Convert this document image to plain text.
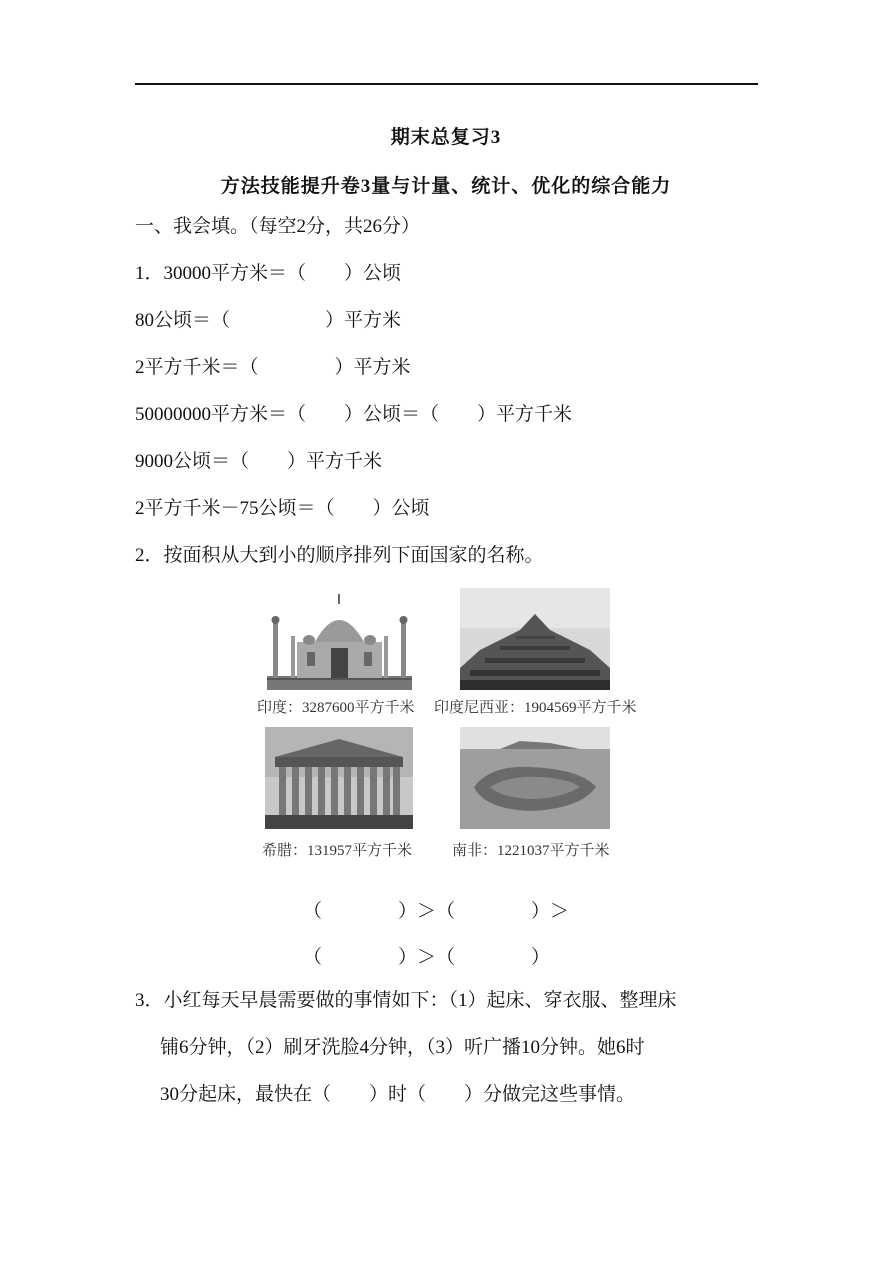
期末总复习3
方法技能提升卷3量与计量、统计、优化的综合能力
一、我会填。（每空2分，共26分）
1．30000平方米＝（　　）公顷
80公顷＝（　　　　　）平方米
2平方千米＝（　　　　）平方米
50000000平方米＝（　　）公顷＝（　　）平方千米
9000公顷＝（　　）平方千米
2平方千米－75公顷＝（　　）公顷
2．按面积从大到小的顺序排列下面国家的名称。
印度：3287600平方千米 印度尼西亚：1904569平方千米
希腊：131957平方千米	南非：1221037平方千米
（　　　　）＞（　　　　）＞
（　　　　）＞（　　　　）
3．小红每天早晨需要做的事情如下：（1）起床、穿衣服、整理床
铺6分钟，（2）刷牙洗脸4分钟，（3）听广播10分钟。她6时
30分起床，最快在（　　）时（　　）分做完这些事情。
